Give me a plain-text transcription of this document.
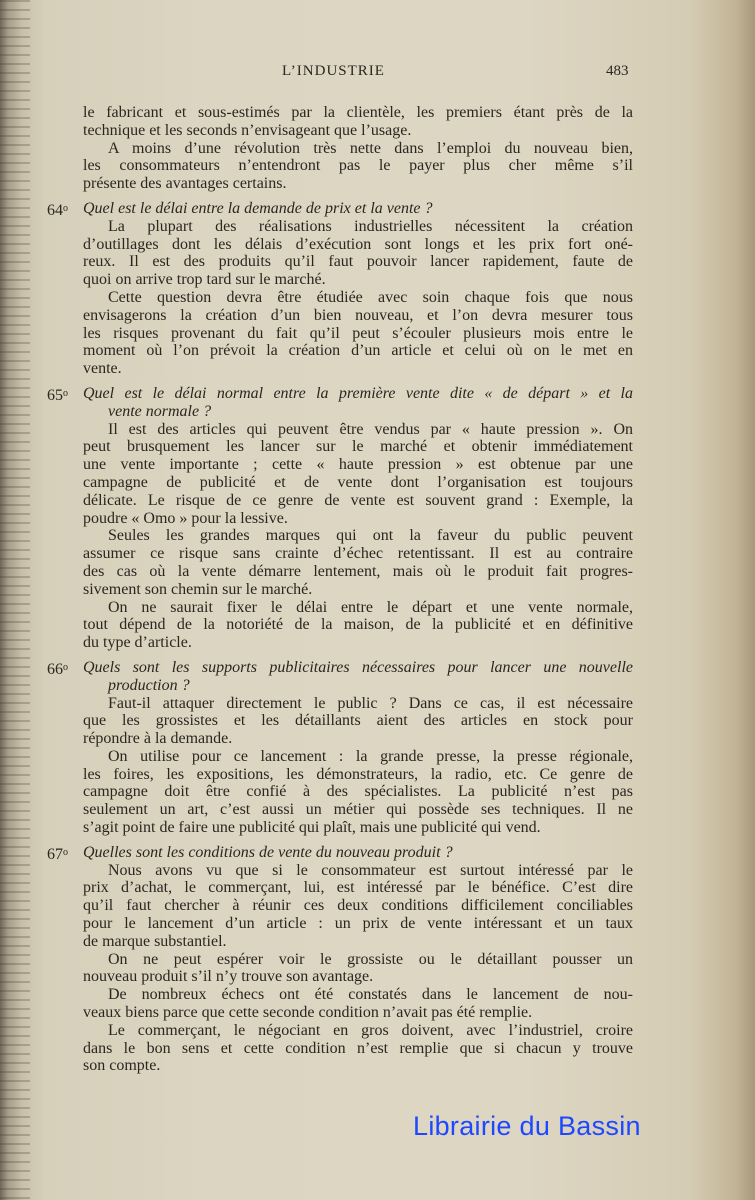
L’INDUSTRIE	483
le fabricant et sous-estimés par la clientèle, les premiers étant près de la
technique et les seconds n’envisageant que l’usage.
A moins d’une révolution très nette dans l’emploi du nouveau bien,
les consommateurs n’entendront pas le payer plus cher même s’il
présente des avantages certains.
64$^o$ Quel est le délai entre la demande de prix et la vente ?
La plupart des réalisations industrielles nécessitent la création
d’outillages dont les délais d’exécution sont longs et les prix fort oné-
reux. Il est des produits qu’il faut pouvoir lancer rapidement, faute de
quoi on arrive trop tard sur le marché.
Cette question devra être étudiée avec soin chaque fois que nous
envisagerons la création d’un bien nouveau, et l’on devra mesurer tous
les risques provenant du fait qu’il peut s’écouler plusieurs mois entre le
moment où l’on prévoit la création d’un article et celui où on le met en
vente.
65$^o$ Quel est le délai normal entre la première vente dite « de départ » et la
vente normale ?
Il est des articles qui peuvent être vendus par « haute pression ». On
peut brusquement les lancer sur le marché et obtenir immédiatement
une vente importante ; cette « haute pression » est obtenue par une
campagne de publicité et de vente dont l’organisation est toujours
délicate. Le risque de ce genre de vente est souvent grand : Exemple, la
poudre « Omo » pour la lessive.
Seules les grandes marques qui ont la faveur du public peuvent
assumer ce risque sans crainte d’échec retentissant. Il est au contraire
des cas où la vente démarre lentement, mais où le produit fait progres-
sivement son chemin sur le marché.
On ne saurait fixer le délai entre le départ et une vente normale,
tout dépend de la notoriété de la maison, de la publicité et en définitive
du type d’article.
66$^o$ Quels sont les supports publicitaires nécessaires pour lancer une nouvelle
production ?
Faut-il attaquer directement le public ? Dans ce cas, il est nécessaire
que les grossistes et les détaillants aient des articles en stock pour
répondre à la demande.
On utilise pour ce lancement : la grande presse, la presse régionale,
les foires, les expositions, les démonstrateurs, la radio, etc. Ce genre de
campagne doit être confié à des spécialistes. La publicité n’est pas
seulement un art, c’est aussi un métier qui possède ses techniques. Il ne
s’agit point de faire une publicité qui plaît, mais une publicité qui vend.
67$^o$ Quelles sont les conditions de vente du nouveau produit ?
Nous avons vu que si le consommateur est surtout intéressé par le
prix d’achat, le commerçant, lui, est intéressé par le bénéfice. C’est dire
qu’il faut chercher à réunir ces deux conditions difficilement conciliables
pour le lancement d’un article : un prix de vente intéressant et un taux
de marque substantiel.
On ne peut espérer voir le grossiste ou le détaillant pousser un
nouveau produit s’il n’y trouve son avantage.
De nombreux échecs ont été constatés dans le lancement de nou-
veaux biens parce que cette seconde condition n’avait pas été remplie.
Le commerçant, le négociant en gros doivent, avec l’industriel, croire
dans le bon sens et cette condition n’est remplie que si chacun y trouve
son compte.
Librairie du Bassin
